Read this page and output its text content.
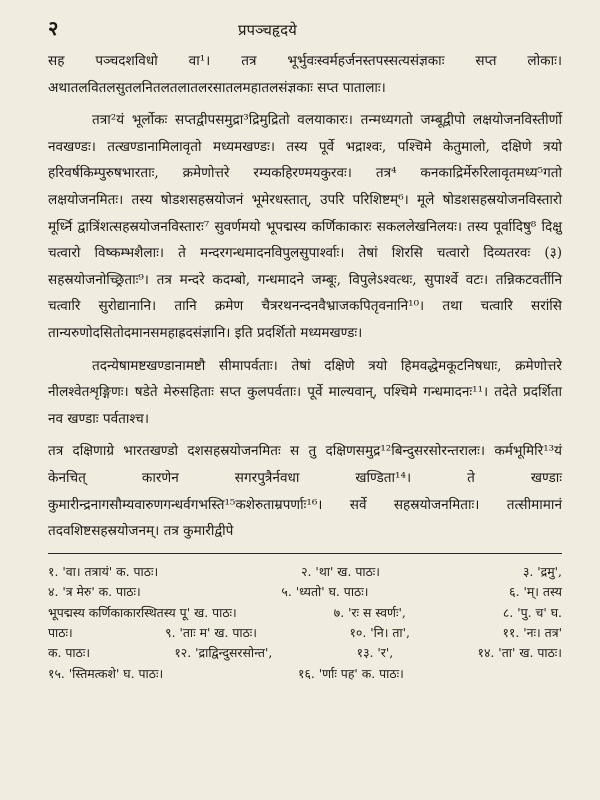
२	प्रपञ्चहृदये

सह पञ्चदशविधो वा¹। तत्र भूर्भुवःस्वर्महर्जनस्तपस्सत्यसंज्ञकाः सप्त लोकाः। अथातलवितलसुतलनितलतलातलरसातलमहातलसंज्ञकाः सप्त पातालाः।

तत्रा²यं भूर्लोकः सप्तद्वीपसमुद्रा³द्रिमुद्रितो वलयाकारः। तन्मध्यगतो जम्बूद्वीपो लक्षयोजनविस्तीर्णो नवखण्डः। तत्खण्डानामिलावृतो मध्यमखण्डः। तस्य पूर्वे भद्राश्वः, पश्चिमे केतुमालो, दक्षिणे त्रयो हरिवर्षकिम्पुरुषभारताः, क्रमेणोत्तरे रम्यकहिरण्मयकुरवः। तत्र⁴ कनकाद्रिर्मेरुरिलावृतमध्य⁵गतो लक्षयोजनमितः। तस्य षोडशसहस्रयोजनं भूमेरधस्तात्, उपरि परिशिष्टम्⁶। मूले षोडशसहस्रयोजनविस्तारो मूर्ध्नि द्वात्रिंशत्सहस्रयोजनविस्तारः⁷ सुवर्णमयो भूपद्मस्य कर्णिकाकारः सकललेखनिलयः। तस्य पूर्वादिषु⁸ दिक्षु चत्वारो विष्कम्भशैलाः। ते मन्दरगन्धमादनविपुलसुपार्श्वाः। तेषां शिरसि चत्वारो दिव्यतरवः (३) सहस्रयोजनोच्छ्रिताः⁹। तत्र मन्दरे कदम्बो, गन्धमादने जम्बूः, विपुलेऽश्वत्थः, सुपार्श्वे वटः। तन्निकटवर्तीनि चत्वारि सुरोद्यानानि। तानि क्रमेण चैत्ररथनन्दनवैभ्राजकपितृवनानि¹⁰। तथा चत्वारि सरांसि तान्यरुणोदसितोदमानसमहाह्रदसंज्ञानि। इति प्रदर्शितो मध्यमखण्डः।

तदन्येषामष्टखण्डानामष्टौ सीमापर्वताः। तेषां दक्षिणे त्रयो हिमवद्धेमकूटनिषधाः, क्रमेणोत्तरे नीलश्वेतशृङ्गिणः। षडेते मेरुसहिताः सप्त कुलपर्वताः। पूर्वे माल्यवान्, पश्चिमे गन्धमादनः¹¹। तदेते प्रदर्शिता नव खण्डाः पर्वताश्च।

तत्र दक्षिणाग्रे भारतखण्डो दशसहस्रयोजनमितः स तु दक्षिणसमुद्र¹²बिन्दुसरसोरन्तरालः। कर्मभूमिरि¹³यं केनचित् कारणेन सगरपुत्रैर्नवधा खण्डिता¹⁴। ते खण्डाः कुमारीन्द्रनागसौम्यवारुणगन्धर्वगभस्ति¹⁵कशेरुताम्रपर्णाः¹⁶। सर्वे सहस्रयोजनमिताः। तत्सीमामानं तदवशिष्टसहस्रयोजनम्। तत्र कुमारीद्वीपे

१. 'वा। तत्रायं' क. पाठः।	२. 'था' ख. पाठः।	३. 'द्रमु',
४. 'त्र मेरु' क. पाठः।	५. 'ध्यतो' घ. पाठः।	६. 'म्। तस्य
भूपद्मस्य कर्णिकाकारस्थितस्य पू' ख. पाठः।	७. 'रः स स्वर्णः',	८. 'पु. च' घ.
पाठः।	९. 'ताः म' ख. पाठः।	१०. 'नि। ता',	११. 'नः। तत्र'
क. पाठः।	१२. 'द्राद्विन्दुसरसोन्त',	१३. 'र',	१४. 'ता' ख. पाठः।
१५. 'स्तिमत्कशे' घ. पाठः।	१६. 'र्णाः पह' क. पाठः।
